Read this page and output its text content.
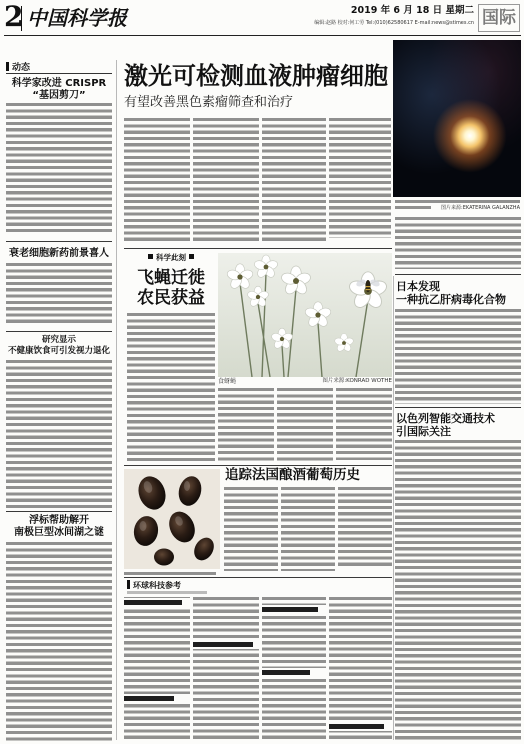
2 中国科学报	2019 年 6 月 18 日 星期二
编辑:赵路 校对:何工劳 Tel:(010)62580617 E-mail:news@stimes.cn 国际
动态
科学家改进 CRISPR
“基因剪刀”
衰老细胞新药前景喜人
研究显示
不健康饮食可引发视力退化
浮标帮助解开
南极巨型冰间湖之谜
激光可检测血液肿瘤细胞
有望改善黑色素瘤筛查和治疗
图片来源:EKATERINA GALANZHA
科学此刻
飞蝇迁徙
农民获益
食蚜蝇	图片来源:KONRAD WOTHE
追踪法国酿酒葡萄历史
环球科技参考
日本发现
一种抗乙肝病毒化合物
以色列智能交通技术
引国际关注
